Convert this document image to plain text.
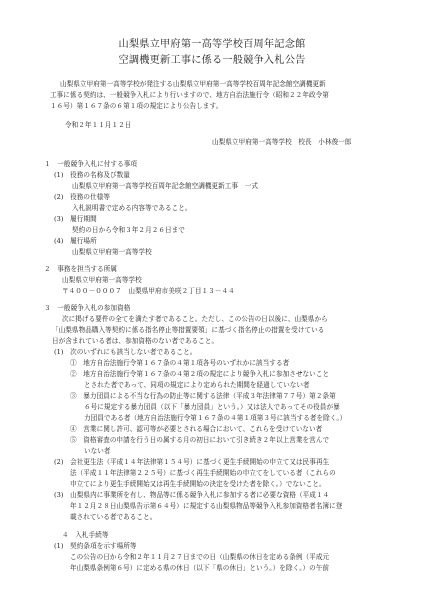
山梨県立甲府第一高等学校百周年記念館
空調機更新工事に係る一般競争入札公告
山梨県立甲府第一高等学校が発注する山梨県立甲府第一高等学校百周年記念館空調機更新
工事に係る契約は、一般競争入札により行いますので、地方自治法施行令（昭和２２年政令第
１６号）第１６７条の６第１項の規定により公告します。
令和２年１１月１２日
山梨県立甲府第一高等学校　校長　小林俊一郎
１　一般競争入札に付する事項
(1)　役務の名称及び数量
山梨県立甲府第一高等学校百周年記念館空調機更新工事　一式
(2)　役務の仕様等
入札説明書で定める内容等であること。
(3)　履行期間
契約の日から令和３年２月２６日まで
(4)　履行場所
山梨県立甲府第一高等学校
２　事務を担当する所属
山梨県立甲府第一高等学校
〒４００－０００７　山梨県甲府市美咲２丁目１３－４４
３　一般競争入札の参加資格
次に掲げる要件の全てを満たす者であること。ただし、この公告の日以後に、山梨県から
「山梨県物品購入等契約に係る指名停止等措置要領」に基づく指名停止の措置を受けている
日が含まれている者は、参加資格のない者であること。
(1)　次のいずれにも該当しない者であること。
①　地方自治法施行令第１６７条の４第１項各号のいずれかに該当する者
②　地方自治法施行令第１６７条の４第２項の規定により競争入札に参加させないこと
とされた者であって、同項の規定により定められた期間を経過していない者
③　暴力団員による不当な行為の防止等に関する法律（平成３年法律第７７号）第２条第
６号に規定する暴力団員（以下「暴力団員」という。）又は法人であってその役員が暴
力団員である者（地方自治法施行令第１６７条の４第１項第３号に該当する者を除く。）
④　営業に関し許可、認可等が必要とされる場合において、これらを受けていない者
⑤　資格審査の申請を行う日の属する月の初日において引き続き２年以上営業を営んで
いない者
(2)　会社更生法（平成１４年法律第１５４号）に基づく更生手続開始の申立て又は民事再生
法（平成１１年法律第２２５号）に基づく再生手続開始の申立てをしている者（これらの
申立てにより更生手続開始又は再生手続開始の決定を受けた者を除く。）でないこと。
(3)　山梨県内に事業所を有し、物品等に係る競争入札に参加する者に必要な資格（平成１４
年１２月２８日山梨県告示第６４号）に規定する山梨県物品等競争入札参加資格者名簿に登
載されている者であること。
４　入札手続等
(1)　契約条項を示す場所等
この公告の日から令和２年１１月２７日までの日（山梨県の休日を定める条例（平成元
年山梨県条例第６号）に定める県の休日（以下「県の休日」という。）を除く。）の午前
